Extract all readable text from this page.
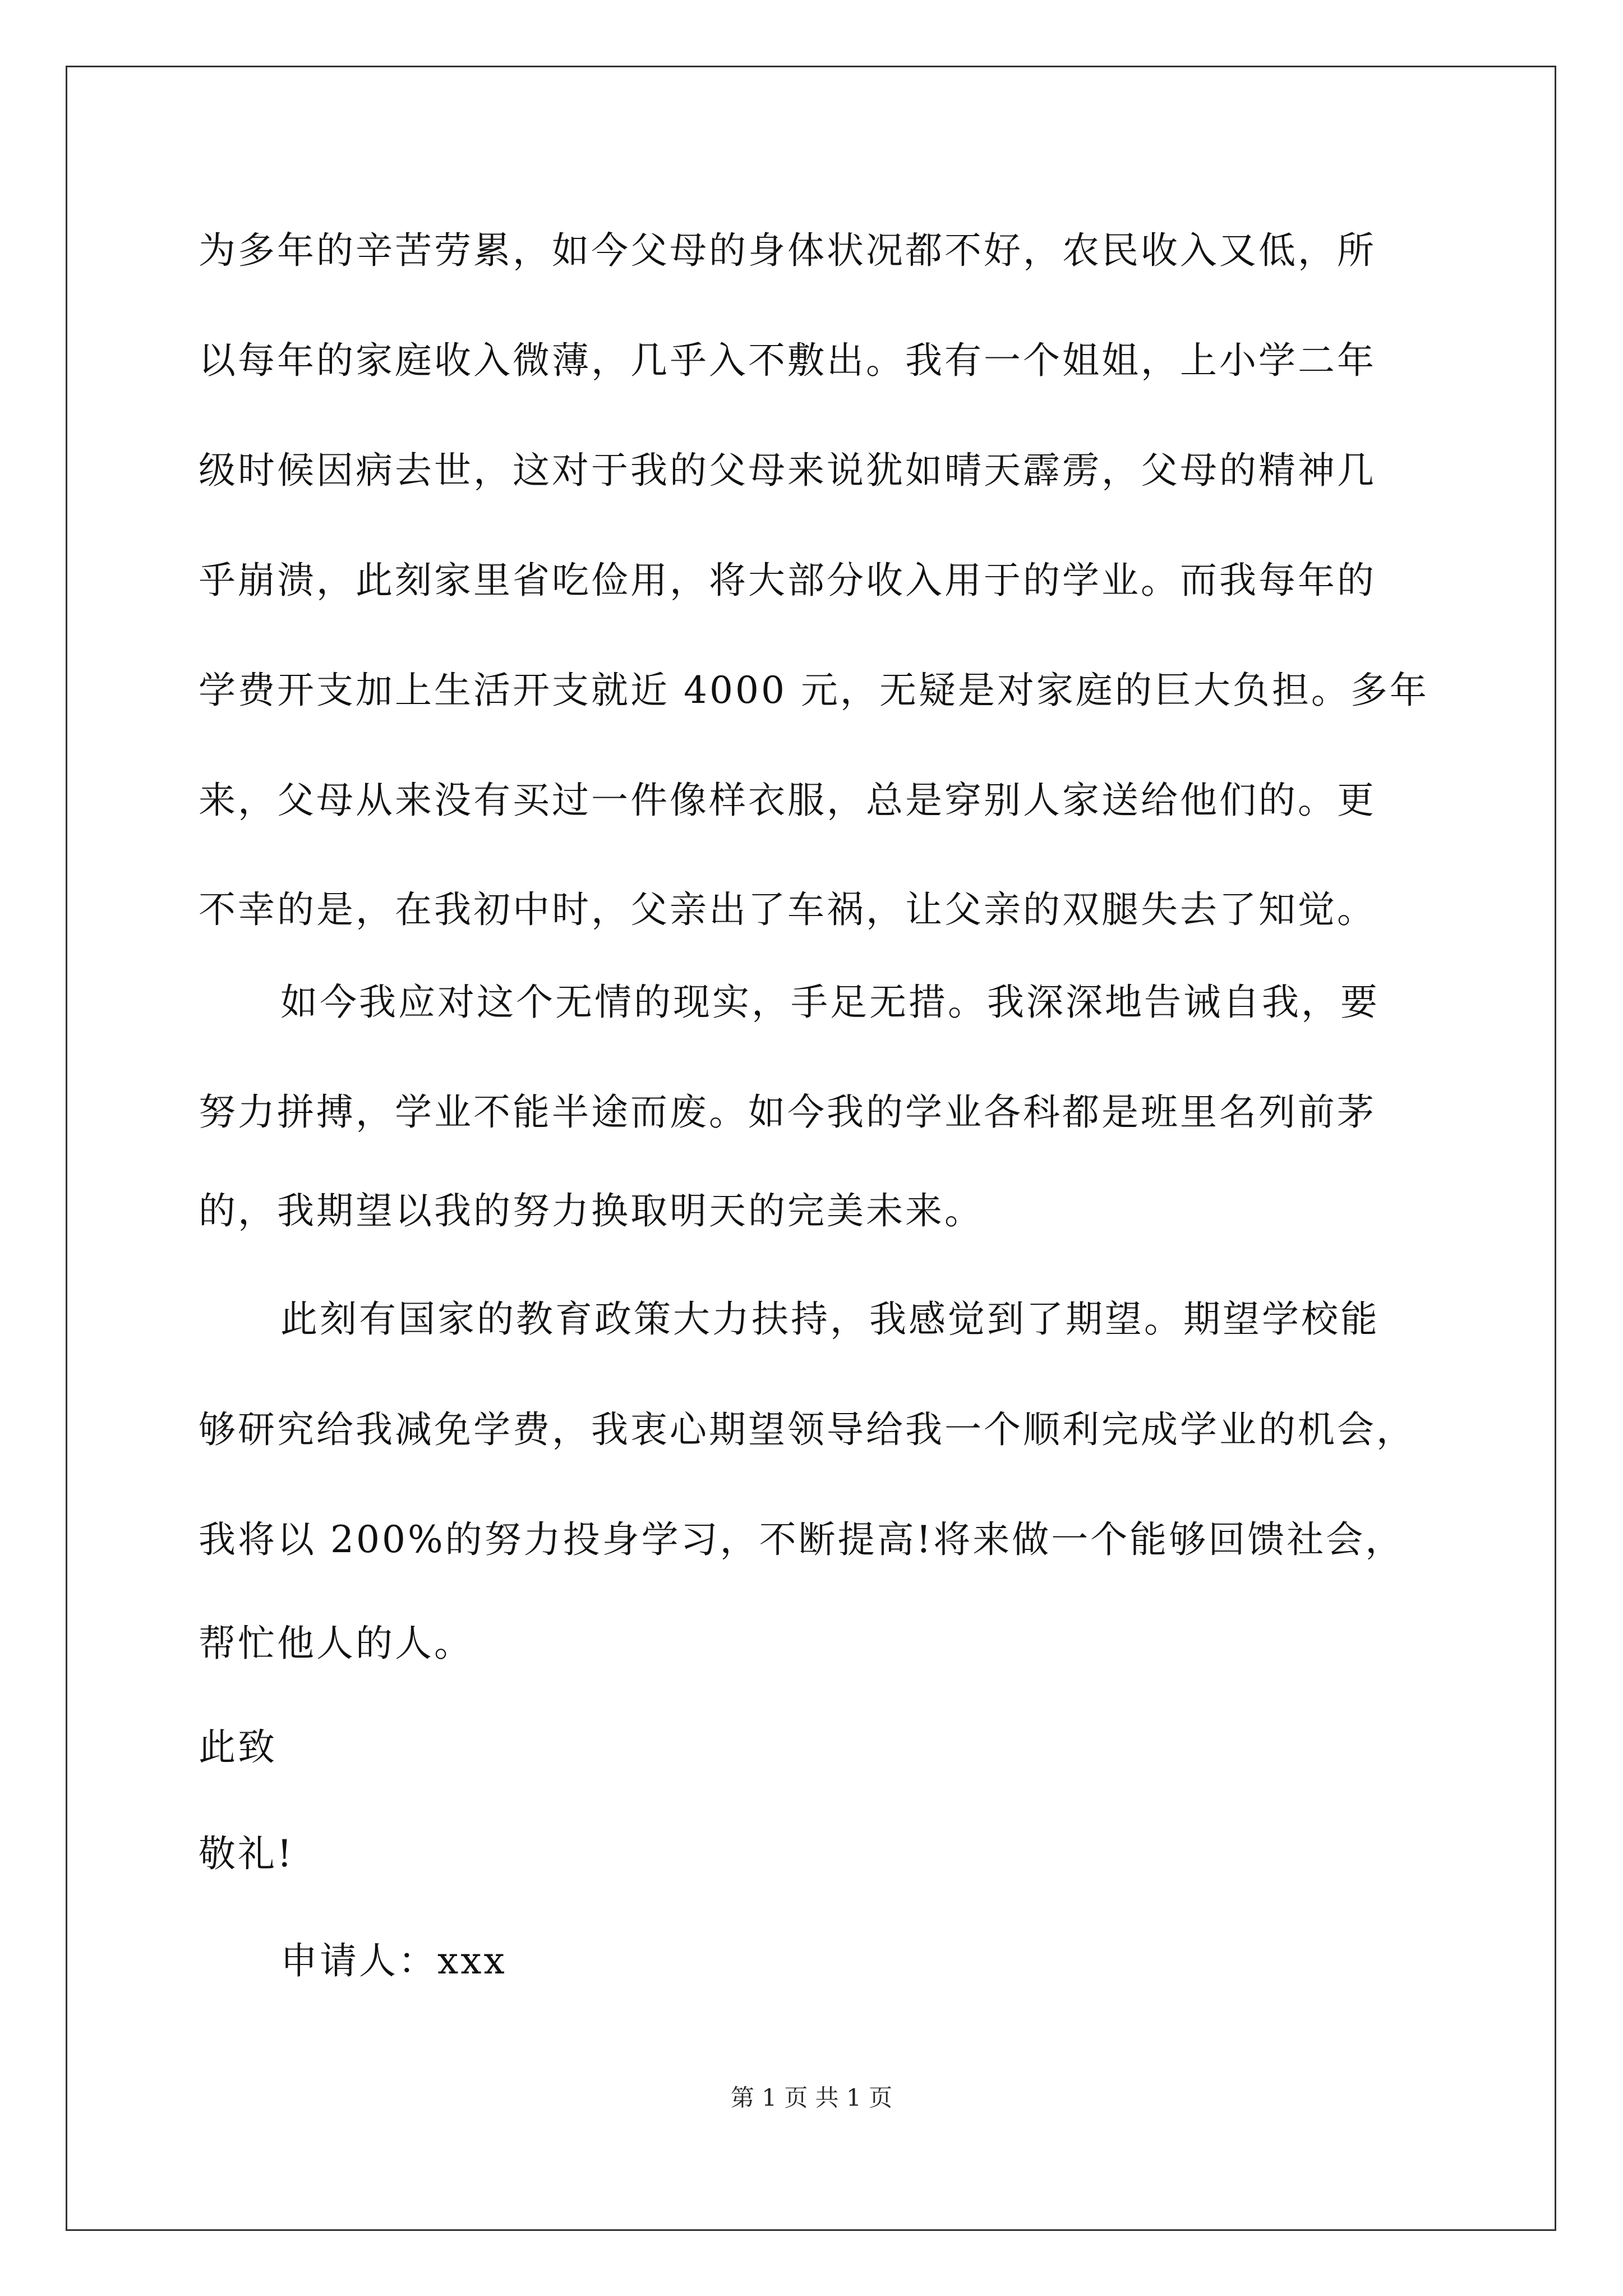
为多年的辛苦劳累，如今父母的身体状况都不好，农民收入又低，所
以每年的家庭收入微薄，几乎入不敷出。我有一个姐姐，上小学二年
级时候因病去世，这对于我的父母来说犹如晴天霹雳，父母的精神几
乎崩溃，此刻家里省吃俭用，将大部分收入用于的学业。而我每年的
学费开支加上生活开支就近 4000 元，无疑是对家庭的巨大负担。多年
来，父母从来没有买过一件像样衣服，总是穿别人家送给他们的。更
不幸的是，在我初中时，父亲出了车祸，让父亲的双腿失去了知觉。
如今我应对这个无情的现实，手足无措。我深深地告诫自我，要
努力拼搏，学业不能半途而废。如今我的学业各科都是班里名列前茅
的，我期望以我的努力换取明天的完美未来。
此刻有国家的教育政策大力扶持，我感觉到了期望。期望学校能
够研究给我减免学费，我衷心期望领导给我一个顺利完成学业的机会，
我将以 200%的努力投身学习，不断提高!将来做一个能够回馈社会，
帮忙他人的人。
此致
敬礼!
申请人：xxx
第 1 页 共 1 页
